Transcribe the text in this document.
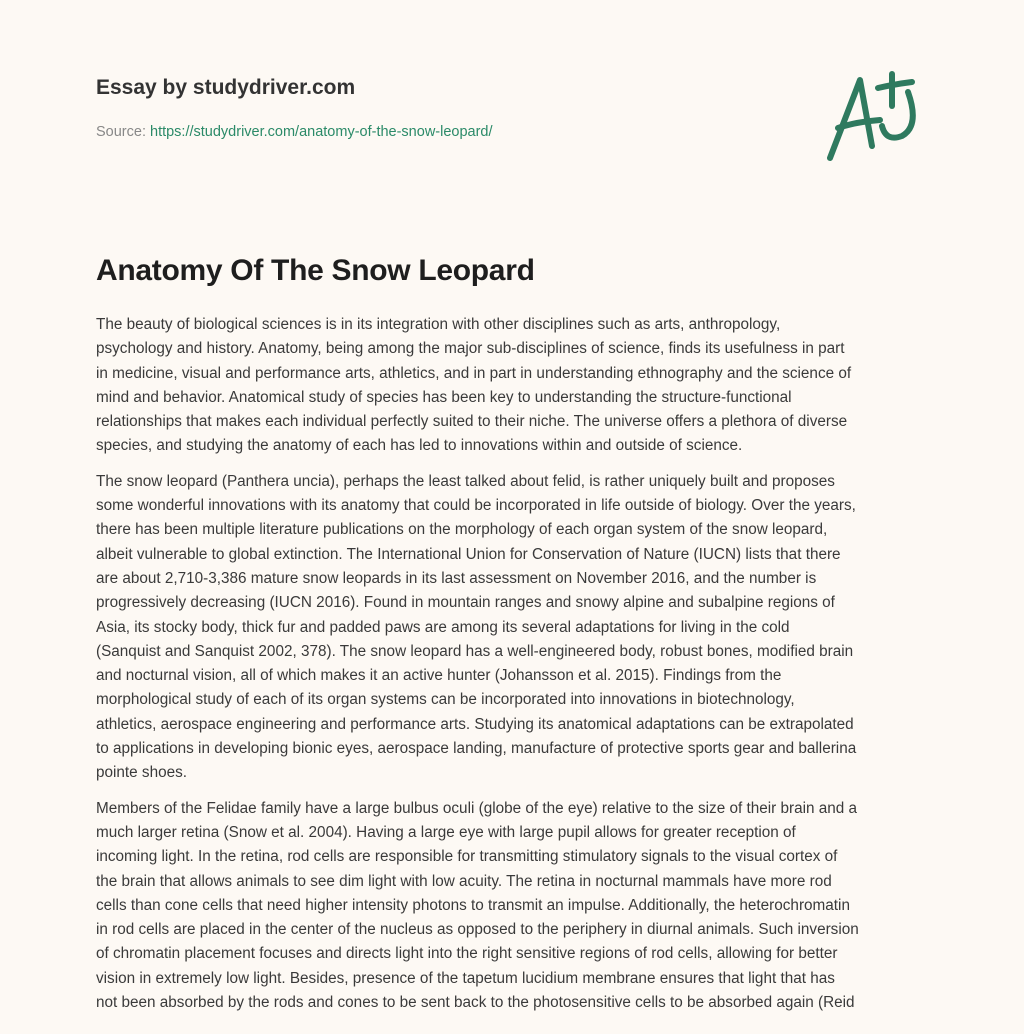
Essay by studydriver.com
Source: https://studydriver.com/anatomy-of-the-snow-leopard/
Anatomy Of The Snow Leopard

The beauty of biological sciences is in its integration with other disciplines such as arts, anthropology,
psychology and history. Anatomy, being among the major sub-disciplines of science, finds its usefulness in part
in medicine, visual and performance arts, athletics, and in part in understanding ethnography and the science of
mind and behavior. Anatomical study of species has been key to understanding the structure-functional
relationships that makes each individual perfectly suited to their niche. The universe offers a plethora of diverse
species, and studying the anatomy of each has led to innovations within and outside of science.

The snow leopard (Panthera uncia), perhaps the least talked about felid, is rather uniquely built and proposes
some wonderful innovations with its anatomy that could be incorporated in life outside of biology. Over the years,
there has been multiple literature publications on the morphology of each organ system of the snow leopard,
albeit vulnerable to global extinction. The International Union for Conservation of Nature (IUCN) lists that there
are about 2,710-3,386 mature snow leopards in its last assessment on November 2016, and the number is
progressively decreasing (IUCN 2016). Found in mountain ranges and snowy alpine and subalpine regions of
Asia, its stocky body, thick fur and padded paws are among its several adaptations for living in the cold
(Sanquist and Sanquist 2002, 378). The snow leopard has a well-engineered body, robust bones, modified brain
and nocturnal vision, all of which makes it an active hunter (Johansson et al. 2015). Findings from the
morphological study of each of its organ systems can be incorporated into innovations in biotechnology,
athletics, aerospace engineering and performance arts. Studying its anatomical adaptations can be extrapolated
to applications in developing bionic eyes, aerospace landing, manufacture of protective sports gear and ballerina
pointe shoes.

Members of the Felidae family have a large bulbus oculi (globe of the eye) relative to the size of their brain and a
much larger retina (Snow et al. 2004). Having a large eye with large pupil allows for greater reception of
incoming light. In the retina, rod cells are responsible for transmitting stimulatory signals to the visual cortex of
the brain that allows animals to see dim light with low acuity. The retina in nocturnal mammals have more rod
cells than cone cells that need higher intensity photons to transmit an impulse. Additionally, the heterochromatin
in rod cells are placed in the center of the nucleus as opposed to the periphery in diurnal animals. Such inversion
of chromatin placement focuses and directs light into the right sensitive regions of rod cells, allowing for better
vision in extremely low light. Besides, presence of the tapetum lucidium membrane ensures that light that has
not been absorbed by the rods and cones to be sent back to the photosensitive cells to be absorbed again (Reid
